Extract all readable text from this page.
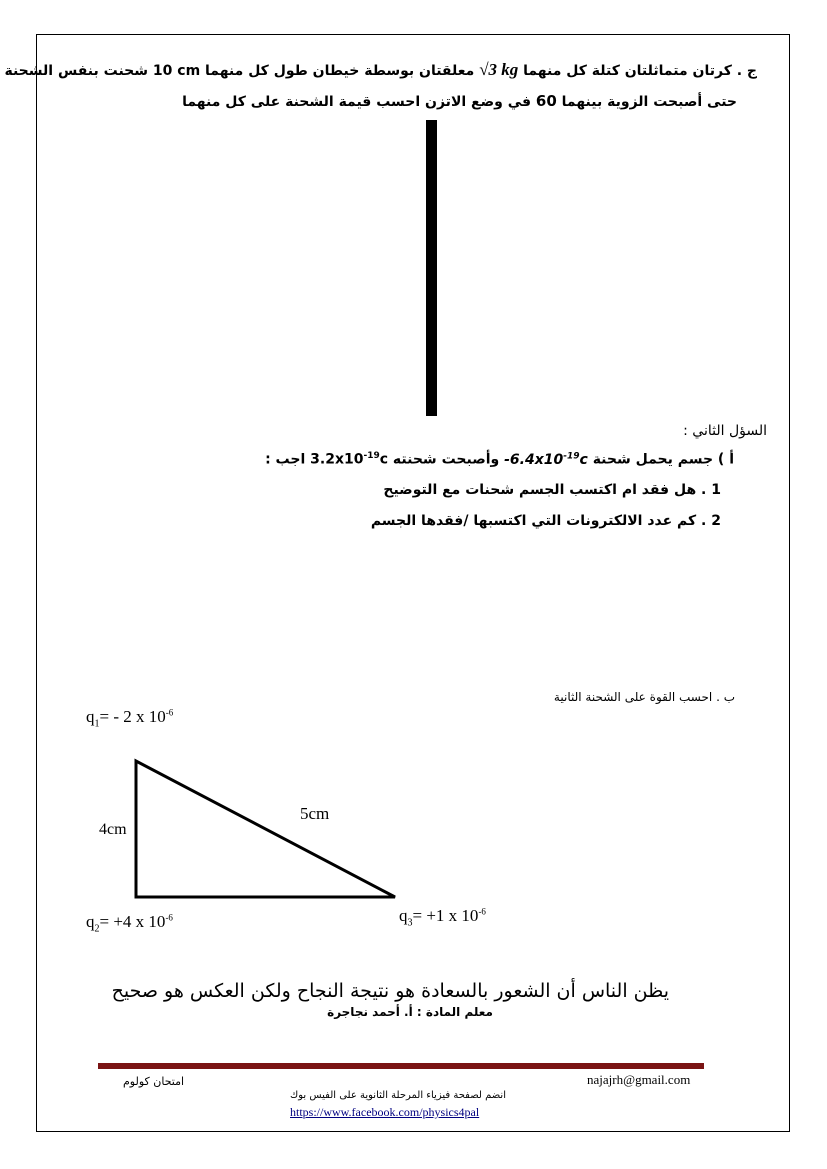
ج . كرتان متماثلتان كتلة كل منهما √3 kg معلقتان بوسطة خيطان طول كل منهما 10 cm شحنت بنفس الشحنة
حتى أصبحت الزوية بينهما 60 في وضع الاتزن احسب قيمة الشحنة على كل منهما
السؤل الثاني :
أ ) جسم يحمل شحنة $-6.4x10^{-19}c$ وأصبحت شحنته $3.2x10^{-19}c$ اجب :
1 . هل فقد ام اكتسب الجسم شحنات مع التوضيح
2 . كم عدد الالكترونات التي اكتسبها /فقدها الجسم
ب . احسب القوة على الشحنة الثانية
$q_1= - 2$ x $10^{-6}$
4cm
5cm
$q_2= +4$ x $10^{-6}$	$q_3= +1$ x $10^{-6}$
يظن الناس أن الشعور بالسعادة هو نتيجة النجاح ولكن العكس هو صحيح
معلم المادة : أ. أحمد نجاجرة
امتحان كولوم	najajrh@gmail.com
انضم لصفحة فيزياء المرحلة الثانوية على الفيس بوك
https://www.facebook.com/physics4pal
